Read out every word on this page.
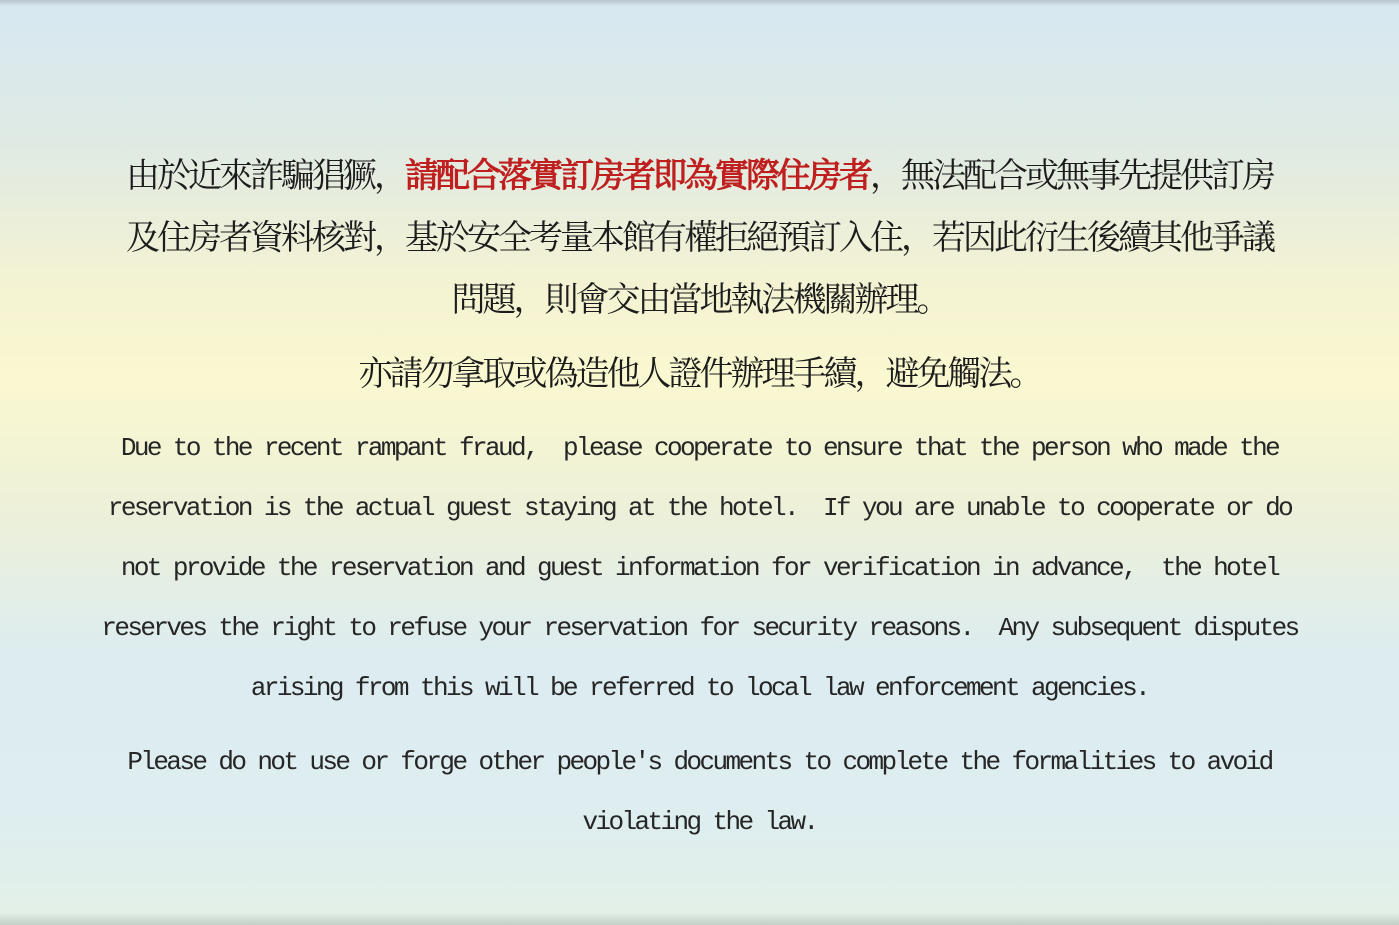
由於近來詐騙猖獗，請配合落實訂房者即為實際住房者，無法配合或無事先提供訂房
及住房者資料核對，基於安全考量本館有權拒絕預訂入住，若因此衍生後續其他爭議
問題，則會交由當地執法機關辦理。
亦請勿拿取或偽造他人證件辦理手續，避免觸法。
Due to the recent rampant fraud,  please cooperate to ensure that the person who made the
reservation is the actual guest staying at the hotel.  If you are unable to cooperate or do
not provide the reservation and guest information for verification in advance,  the hotel
reserves the right to refuse your reservation for security reasons.  Any subsequent disputes
arising from this will be referred to local law enforcement agencies.
Please do not use or forge other people's documents to complete the formalities to avoid
violating the law.
